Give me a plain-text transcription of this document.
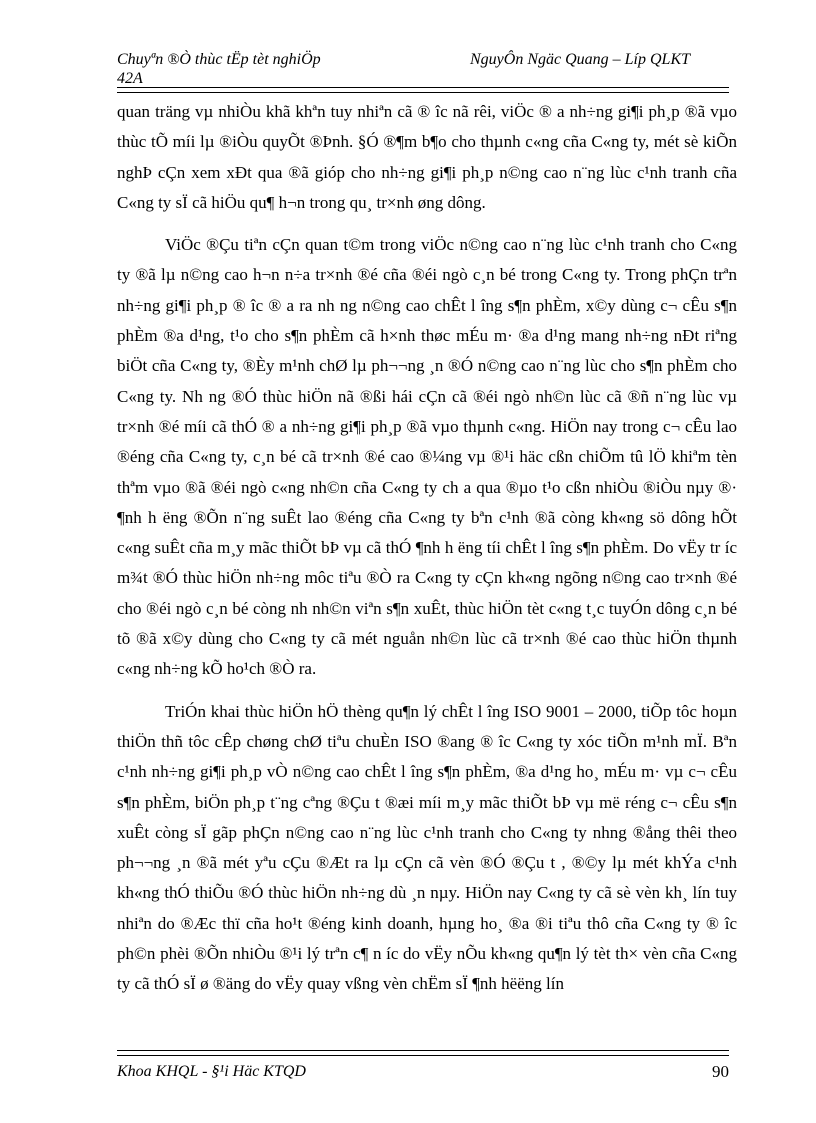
Chuyªn ®Ò thùc tËp tèt nghiÖp
42A
NguyÔn Ngäc Quang – Líp QLKT

quan träng vµ nhiÒu khã khªn tuy nhiªn cã ® îc nã rêi, viÖc ® a nh÷ng gi¶i ph¸p ®ã vµo thùc tÕ míi lµ ®iÒu quyÕt ®Þnh. §Ó ®¶m b¶o cho thµnh c«ng cña C«ng ty, mét sè kiÕn nghÞ cÇn xem xÐt qua ®ã gióp cho nh÷ng gi¶i ph¸p n©ng cao n¨ng lùc c¹nh tranh cña C«ng ty sÏ cã hiÖu qu¶ h¬n trong qu¸ tr×nh øng dông.

ViÖc ®Çu tiªn cÇn quan t©m trong viÖc n©ng cao n¨ng lùc c¹nh tranh cho C«ng ty ®ã lµ n©ng cao h¬n n÷a tr×nh ®é cña ®éi ngò c¸n bé trong C«ng ty. Trong phÇn trªn nh÷ng gi¶i ph¸p ® îc ® a ra nh ng n©ng cao chÊt l îng s¶n phÈm, x©y dùng c¬ cÊu s¶n phÈm ®a d¹ng, t¹o cho s¶n phÈm cã h×nh thøc mÉu m· ®a d¹ng mang nh÷ng nÐt riªng biÖt cña C«ng ty, ®Èy m¹nh chØ lµ ph¬¬ng ¸n ®Ó n©ng cao n¨ng lùc cho s¶n phÈm cho C«ng ty. Nh ng ®Ó thùc hiÖn nã ®ßi hái cÇn cã ®éi ngò nh©n lùc cã ®ñ n¨ng lùc vµ tr×nh ®é míi cã thÓ ® a nh÷ng gi¶i ph¸p ®ã vµo thµnh c«ng. HiÖn nay trong c¬ cÊu lao ®éng cña C«ng ty, c¸n bé cã tr×nh ®é cao ®¼ng vµ ®¹i häc cßn chiÕm tû lÖ khiªm tèn thªm vµo ®ã ®éi ngò c«ng nh©n cña C«ng ty ch a qua ®µo t¹o cßn nhiÒu ®iÒu nµy ®· ¶nh h ëng ®Õn n¨ng suÊt lao ®éng cña C«ng ty bªn c¹nh ®ã còng kh«ng sö dông hÕt c«ng suÊt cña m¸y mãc thiÕt bÞ vµ cã thÓ ¶nh h ëng tíi chÊt l îng s¶n phÈm. Do vËy tr íc m¾t ®Ó thùc hiÖn nh÷ng môc tiªu ®Ò ra C«ng ty cÇn kh«ng ngõng n©ng cao tr×nh ®é cho ®éi ngò c¸n bé còng nh nh©n viªn s¶n xuÊt, thùc hiÖn tèt c«ng t¸c tuyÓn dông c¸n bé tõ ®ã x©y dùng cho C«ng ty cã mét nguån nh©n lùc cã tr×nh ®é cao thùc hiÖn thµnh c«ng nh÷ng kÕ ho¹ch ®Ò ra.

TriÓn khai thùc hiÖn hÖ thèng qu¶n lý chÊt l îng ISO 9001 – 2000, tiÕp tôc hoµn thiÖn thñ tôc cÊp chøng chØ tiªu chuÈn ISO ®ang ® îc C«ng ty xóc tiÕn m¹nh mÏ. Bªn c¹nh nh÷ng gi¶i ph¸p vÒ n©ng cao chÊt l îng s¶n phÈm, ®a d¹ng ho¸ mÉu m· vµ c¬ cÊu s¶n phÈm, biÖn ph¸p t¨ng cªng ®Çu t ®æi míi m¸y mãc thiÕt bÞ vµ më réng c¬ cÊu s¶n xuÊt còng sÏ gãp phÇn n©ng cao n¨ng lùc c¹nh tranh cho C«ng ty nhng ®ång thêi theo ph¬¬ng ¸n ®ã mét yªu cÇu ®Æt ra lµ cÇn cã vèn ®Ó ®Çu t , ®©y lµ mét khÝa c¹nh kh«ng thÓ thiÕu ®Ó thùc hiÖn nh÷ng dù ¸n nµy. HiÖn nay C«ng ty cã sè vèn kh¸ lín tuy nhiªn do ®Æc thï cña ho¹t ®éng kinh doanh, hµng ho¸ ®a ®i tiªu thô cña C«ng ty ® îc ph©n phèi ®Õn nhiÒu ®¹i lý trªn c¶ n íc do vËy nÕu kh«ng qu¶n lý tèt th× vèn cña C«ng ty cã thÓ sÏ ø ®äng do vËy quay vßng vèn chËm sÏ ¶nh hëëng lín

Khoa KHQL - §¹i Häc KTQD	90
